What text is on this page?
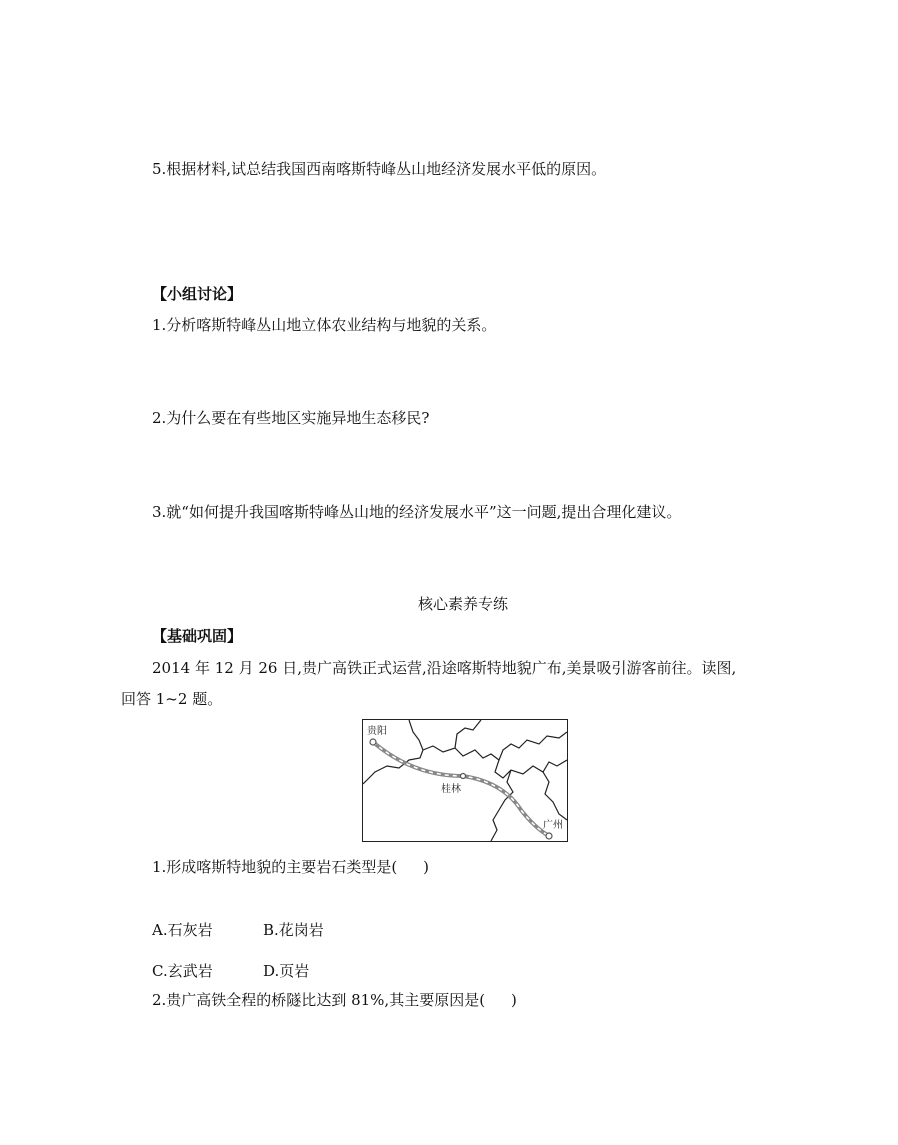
5.根据材料,试总结我国西南喀斯特峰丛山地经济发展水平低的原因。
【小组讨论】
1.分析喀斯特峰丛山地立体农业结构与地貌的关系。
2.为什么要在有些地区实施异地生态移民?
3.就“如何提升我国喀斯特峰丛山地的经济发展水平”这一问题,提出合理化建议。
核心素养专练
【基础巩固】
2014 年 12 月 26 日,贵广高铁正式运营,沿途喀斯特地貌广布,美景吸引游客前往。读图,
回答 1~2 题。
贵阳
桂林
广州
1.形成喀斯特地貌的主要岩石类型是( )
A.石灰岩	B.花岗岩
C.玄武岩	D.页岩
2.贵广高铁全程的桥隧比达到 81%,其主要原因是( )
